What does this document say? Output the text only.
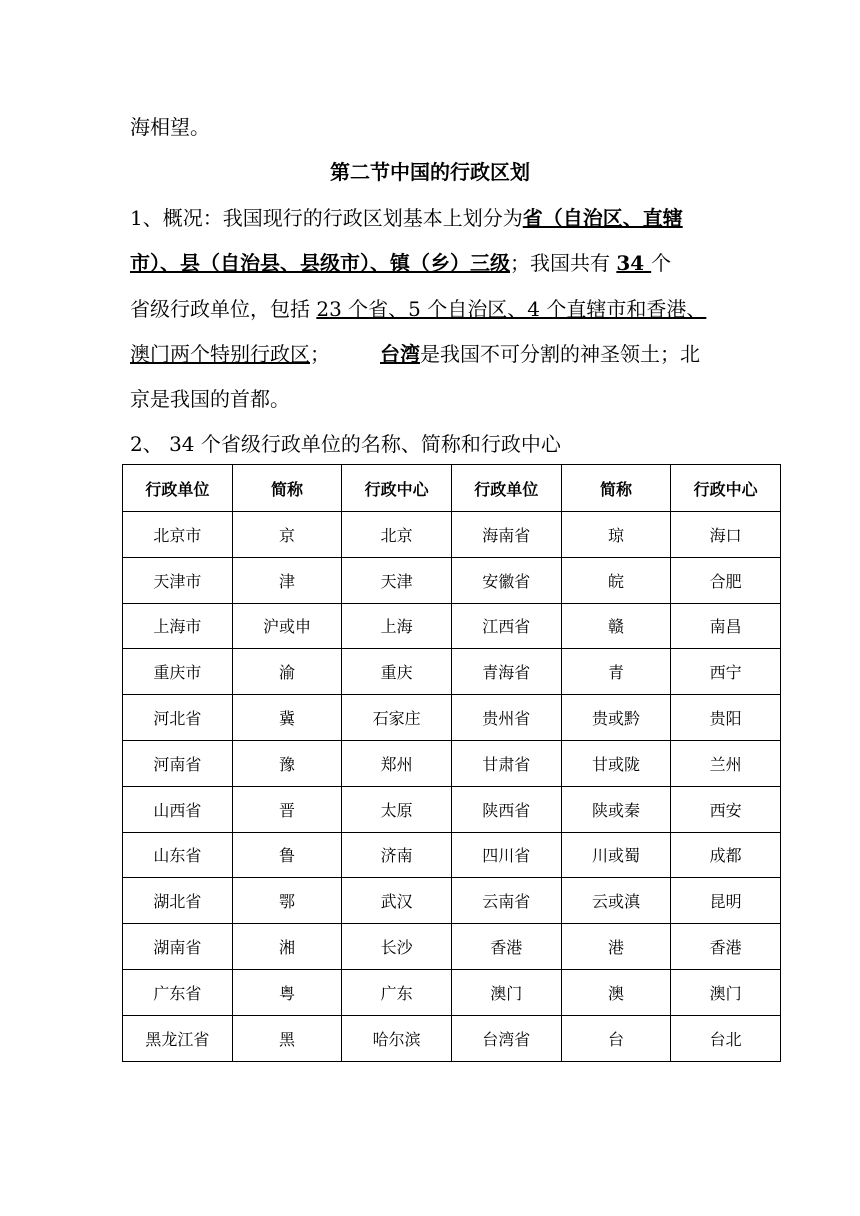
海相望。
第二节中国的行政区划
1、概况：我国现行的行政区划基本上划分为省（自治区、直辖
市）、县（自治县、县级市）、镇（乡）三级；我国共有 34 个
省级行政单位，包括 23 个省、5 个自治区、4 个直辖市和香港、
澳门两个特别行政区；	台湾是我国不可分割的神圣领土；北
京是我国的首都。
2、 34 个省级行政单位的名称、简称和行政中心
行政单位	简称	行政中心	行政单位	简称	行政中心
北京市	京	北京	海南省	琼	海口
天津市	津	天津	安徽省	皖	合肥
上海市	沪或申	上海	江西省	赣	南昌
重庆市	渝	重庆	青海省	青	西宁
河北省	冀	石家庄	贵州省	贵或黔	贵阳
河南省	豫	郑州	甘肃省	甘或陇	兰州
山西省	晋	太原	陕西省	陕或秦	西安
山东省	鲁	济南	四川省	川或蜀	成都
湖北省	鄂	武汉	云南省	云或滇	昆明
湖南省	湘	长沙	香港	港	香港
广东省	粤	广东	澳门	澳	澳门
黑龙江省	黑	哈尔滨	台湾省	台	台北
